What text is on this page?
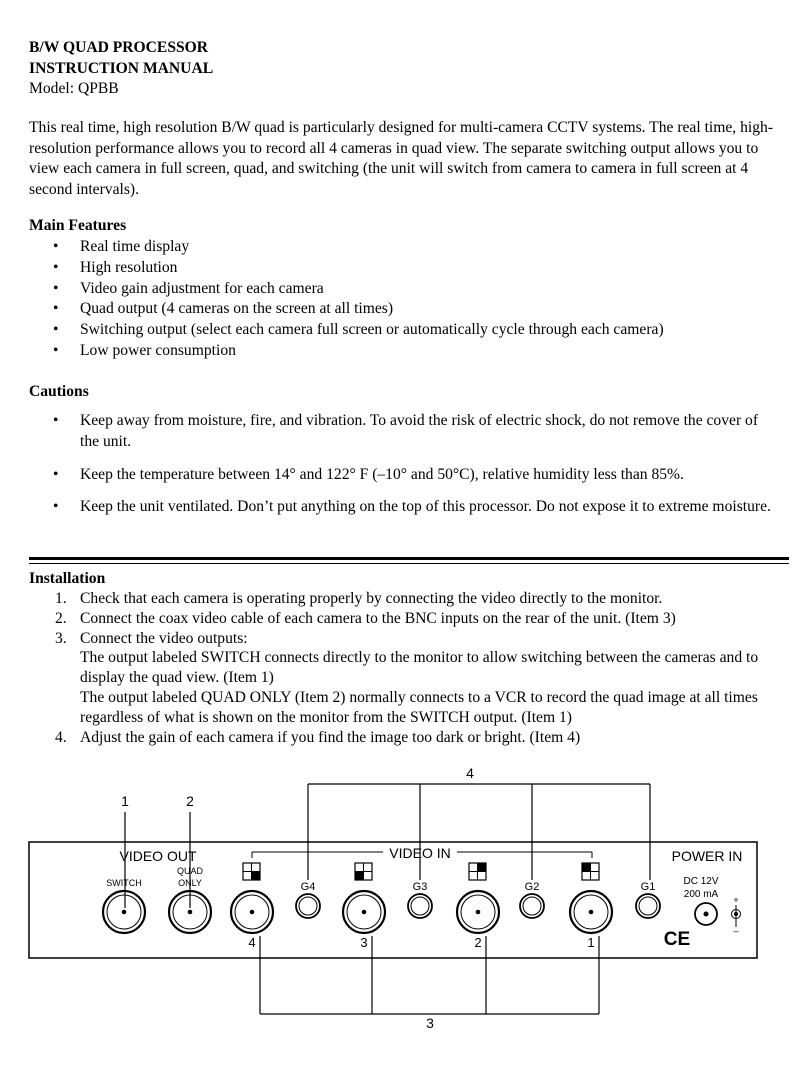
B/W QUAD PROCESSOR
INSTRUCTION MANUAL
Model: QPBB
This real time, high resolution B/W quad is particularly designed for multi-camera CCTV systems. The real time, high-resolution performance allows you to record all 4 cameras in quad view. The separate switching output allows you to view each camera in full screen, quad, and switching (the unit will switch from camera to camera in full screen at 4 second intervals).
Main Features
• Real time display
• High resolution
• Video gain adjustment for each camera
• Quad output (4 cameras on the screen at all times)
• Switching output (select each camera full screen or automatically cycle through each camera)
• Low power consumption
Cautions
• Keep away from moisture, fire, and vibration. To avoid the risk of electric shock, do not remove the cover of the unit.
• Keep the temperature between 14° and 122° F (–10° and 50°C), relative humidity less than 85%.
• Keep the unit ventilated. Don’t put anything on the top of this processor. Do not expose it to extreme moisture.
Installation
1. Check that each camera is operating properly by connecting the video directly to the monitor.
2. Connect the coax video cable of each camera to the BNC inputs on the rear of the unit. (Item 3)
3. Connect the video outputs:
The output labeled SWITCH connects directly to the monitor to allow switching between the cameras and to display the quad view. (Item 1)
The output labeled QUAD ONLY (Item 2) normally connects to a VCR to record the quad image at all times regardless of what is shown on the monitor from the SWITCH output. (Item 1)
4. Adjust the gain of each camera if you find the image too dark or bright. (Item 4)
4
1	2
VIDEO OUT	VIDEO IN	POWER IN
SWITCH
QUAD
ONLY	G4	G3	G2	G1
4	3	2	1
DC 12V
200 mA +
–
CE
3
